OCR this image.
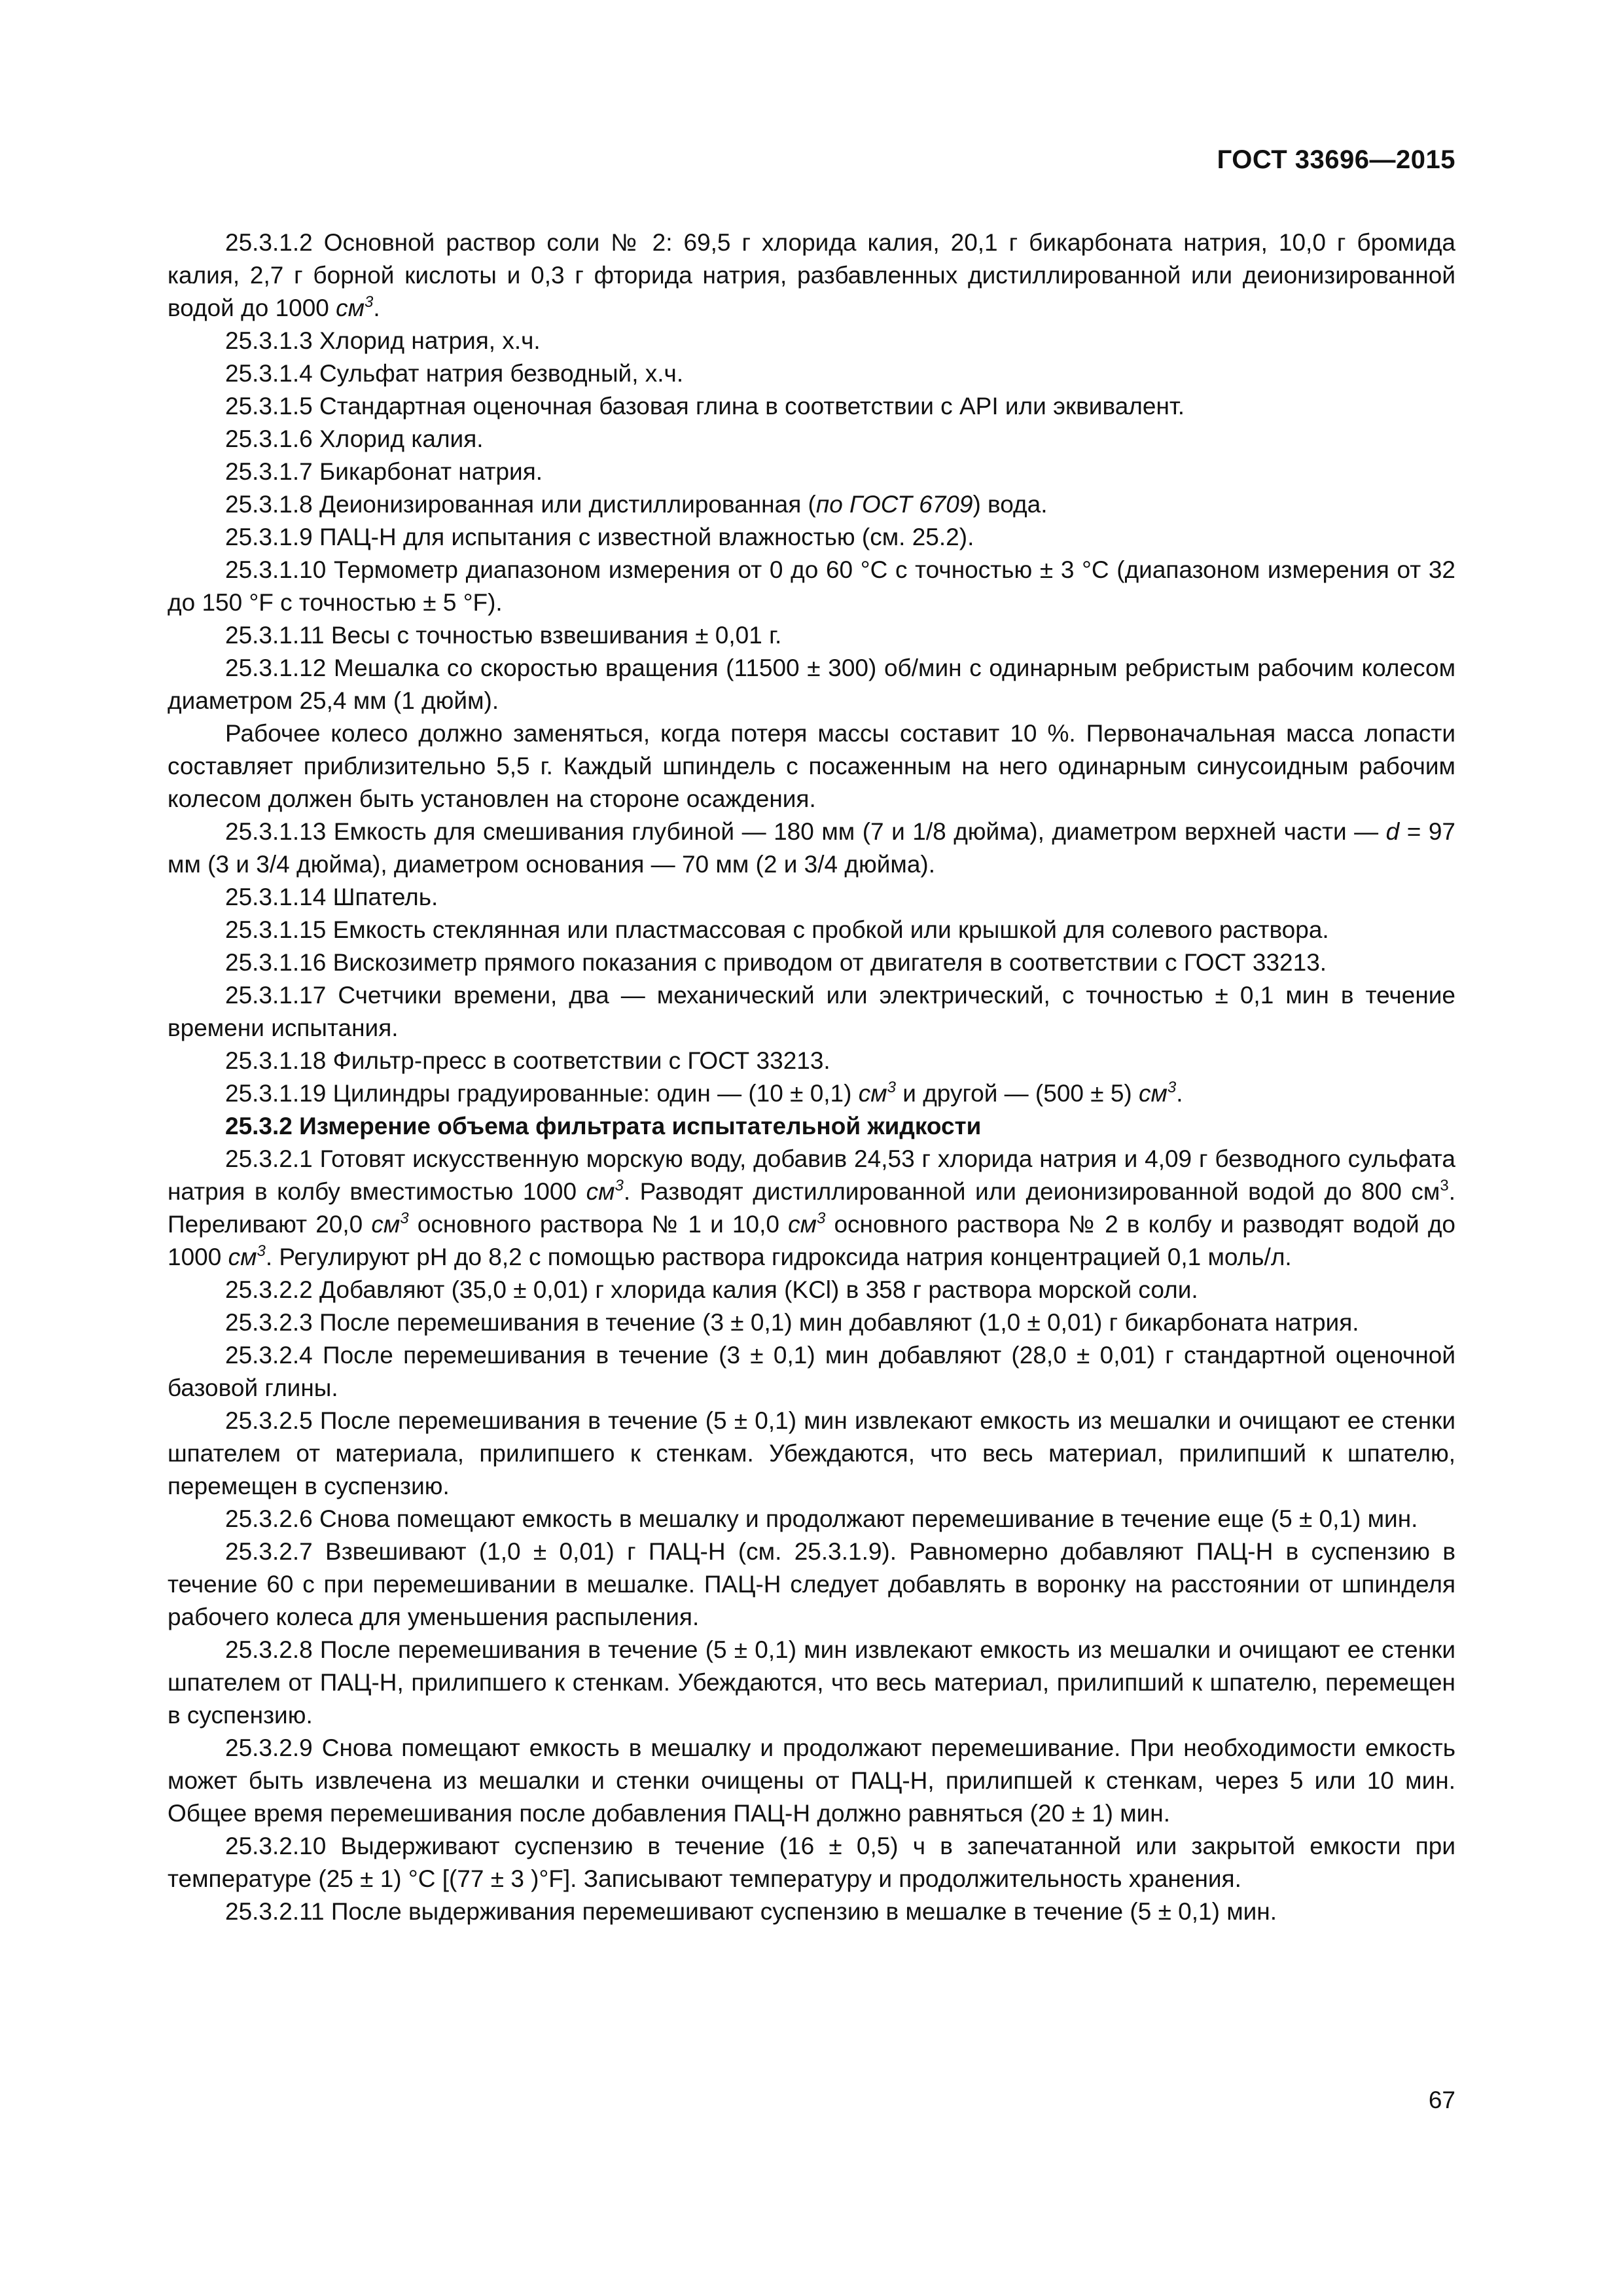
ГОСТ 33696—2015

25.3.1.2 Основной раствор соли № 2: 69,5 г хлорида калия, 20,1 г бикарбоната натрия, 10,0 г бромида калия, 2,7 г борной кислоты и 0,3 г фторида натрия, разбавленных дистиллированной или деионизированной водой до 1000 $см^3$.

25.3.1.3 Хлорид натрия, х.ч.

25.3.1.4 Сульфат натрия безводный, х.ч.

25.3.1.5 Стандартная оценочная базовая глина в соответствии с API или эквивалент.

25.3.1.6 Хлорид калия.

25.3.1.7 Бикарбонат натрия.

25.3.1.8 Деионизированная или дистиллированная (по ГОСТ 6709) вода.

25.3.1.9 ПАЦ-Н для испытания с известной влажностью (см. 25.2).

25.3.1.10 Термометр диапазоном измерения от 0 до 60 °С с точностью ± 3 °С (диапазоном измерения от 32 до 150 °F с точностью ± 5 °F).

25.3.1.11 Весы с точностью взвешивания ± 0,01 г.

25.3.1.12 Мешалка со скоростью вращения (11500 ± 300) об/мин с одинарным ребристым рабочим колесом диаметром 25,4 мм (1 дюйм).

Рабочее колесо должно заменяться, когда потеря массы составит 10 %. Первоначальная масса лопасти составляет приблизительно 5,5 г. Каждый шпиндель с посаженным на него одинарным синусоидным рабочим колесом должен быть установлен на стороне осаждения.

25.3.1.13 Емкость для смешивания глубиной — 180 мм (7 и 1/8 дюйма), диаметром верхней части — d = 97 мм (3 и 3/4 дюйма), диаметром основания — 70 мм (2 и 3/4 дюйма).

25.3.1.14 Шпатель.

25.3.1.15 Емкость стеклянная или пластмассовая с пробкой или крышкой для солевого раствора.

25.3.1.16 Вискозиметр прямого показания с приводом от двигателя в соответствии с ГОСТ 33213.

25.3.1.17 Счетчики времени, два — механический или электрический, с точностью ± 0,1 мин в течение времени испытания.

25.3.1.18 Фильтр-пресс в соответствии с ГОСТ 33213.

25.3.1.19 Цилиндры градуированные: один — (10 ± 0,1) $см^3$ и другой — (500 ± 5) $см^3$.

25.3.2 Измерение объема фильтрата испытательной жидкости

25.3.2.1 Готовят искусственную морскую воду, добавив 24,53 г хлорида натрия и 4,09 г безводного сульфата натрия в колбу вместимостью 1000 $см^3$. Разводят дистиллированной или деионизированной водой до 800 $см^3$. Переливают 20,0 $см^3$ основного раствора № 1 и 10,0 $см^3$ основного раствора № 2 в колбу и разводят водой до 1000 $см^3$. Регулируют pH до 8,2 с помощью раствора гидроксида натрия концентрацией 0,1 моль/л.

25.3.2.2 Добавляют (35,0 ± 0,01) г хлорида калия (KCl) в 358 г раствора морской соли.

25.3.2.3 После перемешивания в течение (3 ± 0,1) мин добавляют (1,0 ± 0,01) г бикарбоната натрия.

25.3.2.4 После перемешивания в течение (3 ± 0,1) мин добавляют (28,0 ± 0,01) г стандартной оценочной базовой глины.

25.3.2.5 После перемешивания в течение (5 ± 0,1) мин извлекают емкость из мешалки и очищают ее стенки шпателем от материала, прилипшего к стенкам. Убеждаются, что весь материал, прилипший к шпателю, перемещен в суспензию.

25.3.2.6 Снова помещают емкость в мешалку и продолжают перемешивание в течение еще (5 ± 0,1) мин.

25.3.2.7 Взвешивают (1,0 ± 0,01) г ПАЦ-Н (см. 25.3.1.9). Равномерно добавляют ПАЦ-Н в суспензию в течение 60 с при перемешивании в мешалке. ПАЦ-Н следует добавлять в воронку на расстоянии от шпинделя рабочего колеса для уменьшения распыления.

25.3.2.8 После перемешивания в течение (5 ± 0,1) мин извлекают емкость из мешалки и очищают ее стенки шпателем от ПАЦ-Н, прилипшего к стенкам. Убеждаются, что весь материал, прилипший к шпателю, перемещен в суспензию.

25.3.2.9 Снова помещают емкость в мешалку и продолжают перемешивание. При необходимости емкость может быть извлечена из мешалки и стенки очищены от ПАЦ-Н, прилипшей к стенкам, через 5 или 10 мин. Общее время перемешивания после добавления ПАЦ-Н должно равняться (20 ± 1) мин.

25.3.2.10 Выдерживают суспензию в течение (16 ± 0,5) ч в запечатанной или закрытой емкости при температуре (25 ± 1) °С [(77 ± 3 )°F]. Записывают температуру и продолжительность хранения.

25.3.2.11 После выдерживания перемешивают суспензию в мешалке в течение (5 ± 0,1) мин.

67
